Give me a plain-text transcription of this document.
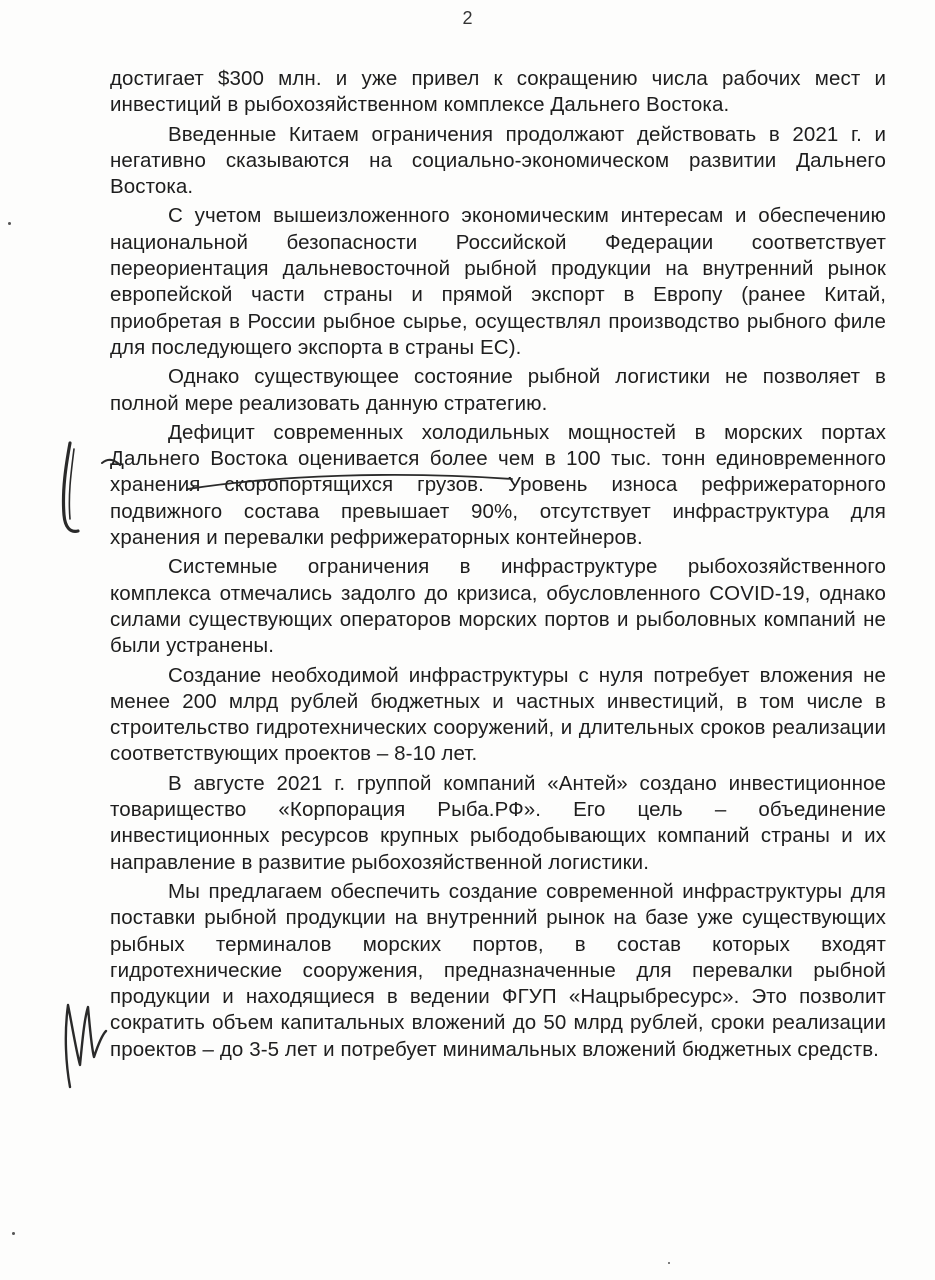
2

достигает $300 млн. и уже привел к сокращению числа рабочих мест и инвестиций в рыбохозяйственном комплексе Дальнего Востока.

Введенные Китаем ограничения продолжают действовать в 2021 г. и негативно сказываются на социально-экономическом развитии Дальнего Востока.

С учетом вышеизложенного экономическим интересам и обеспечению национальной безопасности Российской Федерации соответствует переориентация дальневосточной рыбной продукции на внутренний рынок европейской части страны и прямой экспорт в Европу (ранее Китай, приобретая в России рыбное сырье, осуществлял производство рыбного филе для последующего экспорта в страны ЕС).

Однако существующее состояние рыбной логистики не позволяет в полной мере реализовать данную стратегию.

Дефицит современных холодильных мощностей в морских портах Дальнего Востока оценивается более чем в 100 тыс. тонн единовременного хранения скоропортящихся грузов. Уровень износа рефрижераторного подвижного состава превышает 90%, отсутствует инфраструктура для хранения и перевалки рефрижераторных контейнеров.

Системные ограничения в инфраструктуре рыбохозяйственного комплекса отмечались задолго до кризиса, обусловленного COVID-19, однако силами существующих операторов морских портов и рыболовных компаний не были устранены.

Создание необходимой инфраструктуры с нуля потребует вложения не менее 200 млрд рублей бюджетных и частных инвестиций, в том числе в строительство гидротехнических сооружений, и длительных сроков реализации соответствующих проектов – 8-10 лет.

В августе 2021 г. группой компаний «Антей» создано инвестиционное товарищество «Корпорация Рыба.РФ». Его цель – объединение инвестиционных ресурсов крупных рыбодобывающих компаний страны и их направление в развитие рыбохозяйственной логистики.

Мы предлагаем обеспечить создание современной инфраструктуры для поставки рыбной продукции на внутренний рынок на базе уже существующих рыбных терминалов морских портов, в состав которых входят гидротехнические сооружения, предназначенные для перевалки рыбной продукции и находящиеся в ведении ФГУП «Нацрыбресурс». Это позволит сократить объем капитальных вложений до 50 млрд рублей, сроки реализации проектов – до 3-5 лет и потребует минимальных вложений бюджетных средств.
